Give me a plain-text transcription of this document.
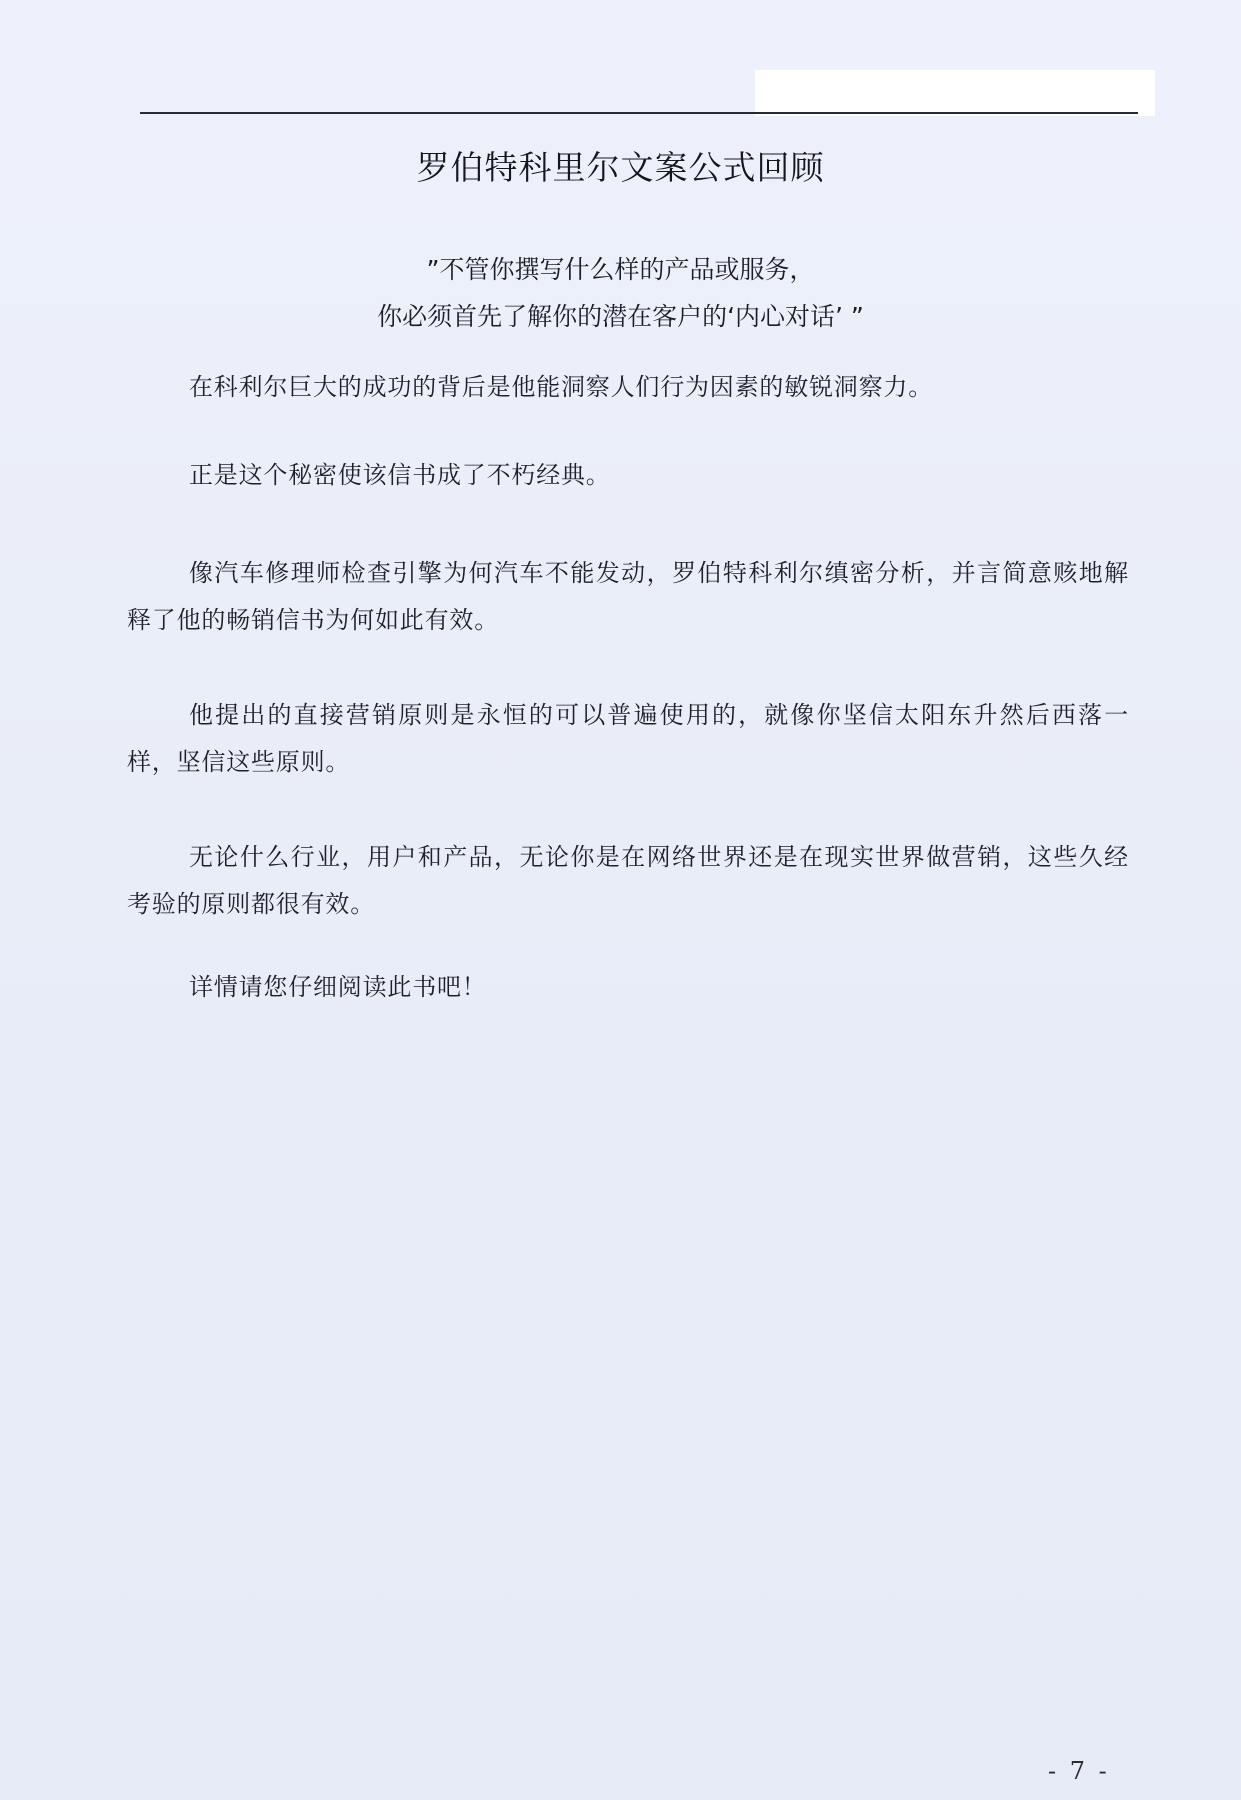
罗伯特科里尔文案公式回顾
”不管你撰写什么样的产品或服务，
你必须首先了解你的潜在客户的‘内心对话’ ”
在科利尔巨大的成功的背后是他能洞察人们行为因素的敏锐洞察力。
正是这个秘密使该信书成了不朽经典。
像汽车修理师检查引擎为何汽车不能发动，罗伯特科利尔缜密分析，并言简意赅地解释了他的畅销信书为何如此有效。
他提出的直接营销原则是永恒的可以普遍使用的，就像你坚信太阳东升然后西落一样，坚信这些原则。
无论什么行业，用户和产品，无论你是在网络世界还是在现实世界做营销，这些久经考验的原则都很有效。
详情请您仔细阅读此书吧！
- 7 -
